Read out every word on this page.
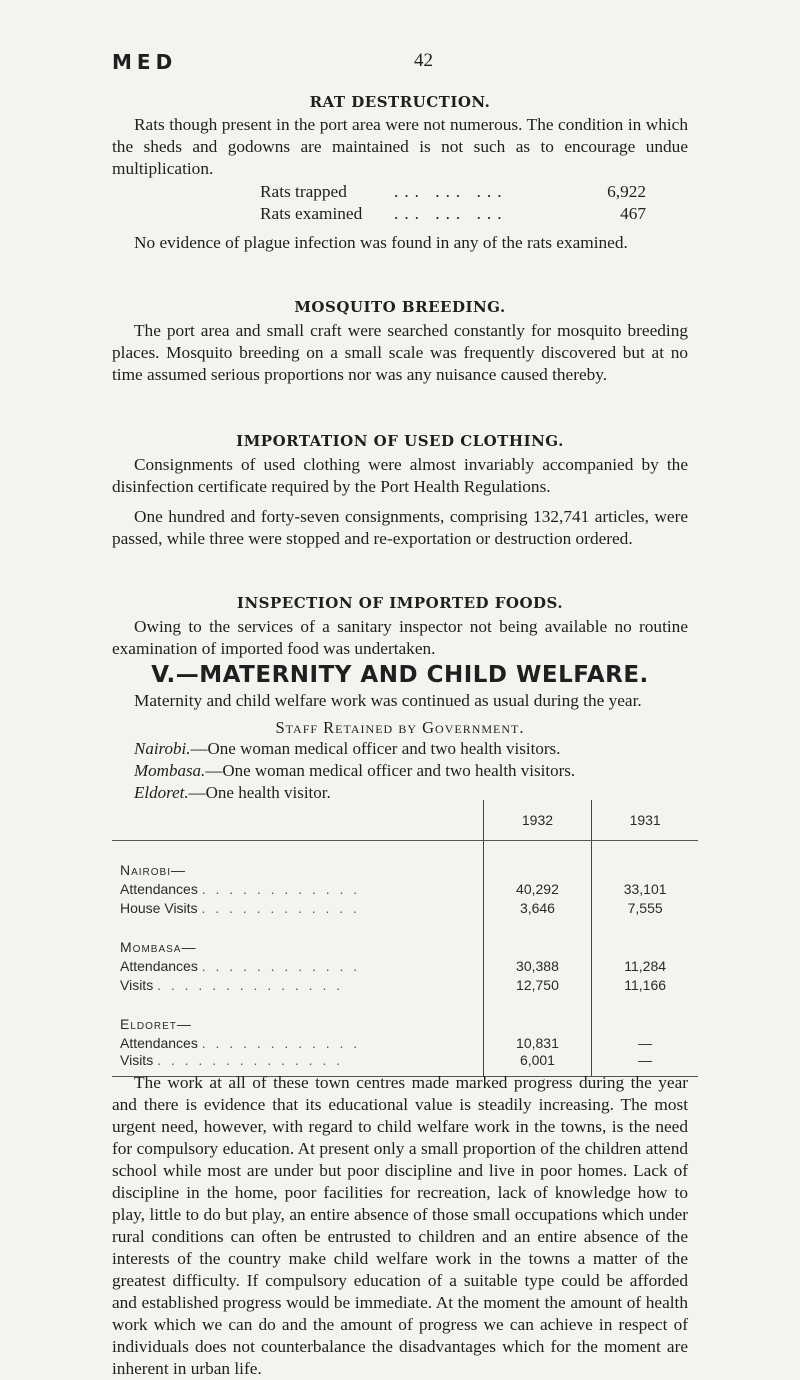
MED	42
RAT DESTRUCTION.

Rats though present in the port area were not numerous. The condition in which the sheds and godowns are maintained is not such as to encourage undue multiplication.

Rats trapped	... ... ...	6,922
Rats examined ... ... ...	467

No evidence of plague infection was found in any of the rats examined.

MOSQUITO BREEDING.

The port area and small craft were searched constantly for mosquito breeding places. Mosquito breeding on a small scale was frequently discovered but at no time assumed serious proportions nor was any nuisance caused thereby.

IMPORTATION OF USED CLOTHING.

Consignments of used clothing were almost invariably accompanied by the disinfection certificate required by the Port Health Regulations.

One hundred and forty-seven consignments, comprising 132,741 articles, were passed, while three were stopped and re-exportation or destruction ordered.

INSPECTION OF IMPORTED FOODS.

Owing to the services of a sanitary inspector not being available no routine examination of imported food was undertaken.

V.—MATERNITY AND CHILD WELFARE.

Maternity and child welfare work was continued as usual during the year.

Staff Retained by Government.

Nairobi.—One woman medical officer and two health visitors.

Mombasa.—One woman medical officer and two health visitors.

Eldoret.—One health visitor.

	1932	1931

Nairobi—		
Attendances . . . . . . . . . . . .	40,292	33,101
House Visits . . . . . . . . . . . .	3,646	7,555

Mombasa—		
Attendances . . . . . . . . . . . .	30,388	11,284
Visits . . . . . . . . . . . . . .	12,750	11,166

Eldoret—		
Attendances . . . . . . . . . . . .	10,831	—
Visits . . . . . . . . . . . . . .	6,001	—

The work at all of these town centres made marked progress during the year and there is evidence that its educational value is steadily increasing. The most urgent need, however, with regard to child welfare work in the towns, is the need for compulsory education. At present only a small proportion of the children attend school while most are under but poor discipline and live in poor homes. Lack of discipline in the home, poor facilities for recreation, lack of knowledge how to play, little to do but play, an entire absence of those small occupations which under rural conditions can often be entrusted to children and an entire absence of the interests of the country make child welfare work in the towns a matter of the greatest difficulty. If compulsory education of a suitable type could be afforded and established progress would be immediate. At the moment the amount of health work which we can do and the amount of progress we can achieve in respect of individuals does not counterbalance the disadvantages which for the moment are inherent in urban life.
